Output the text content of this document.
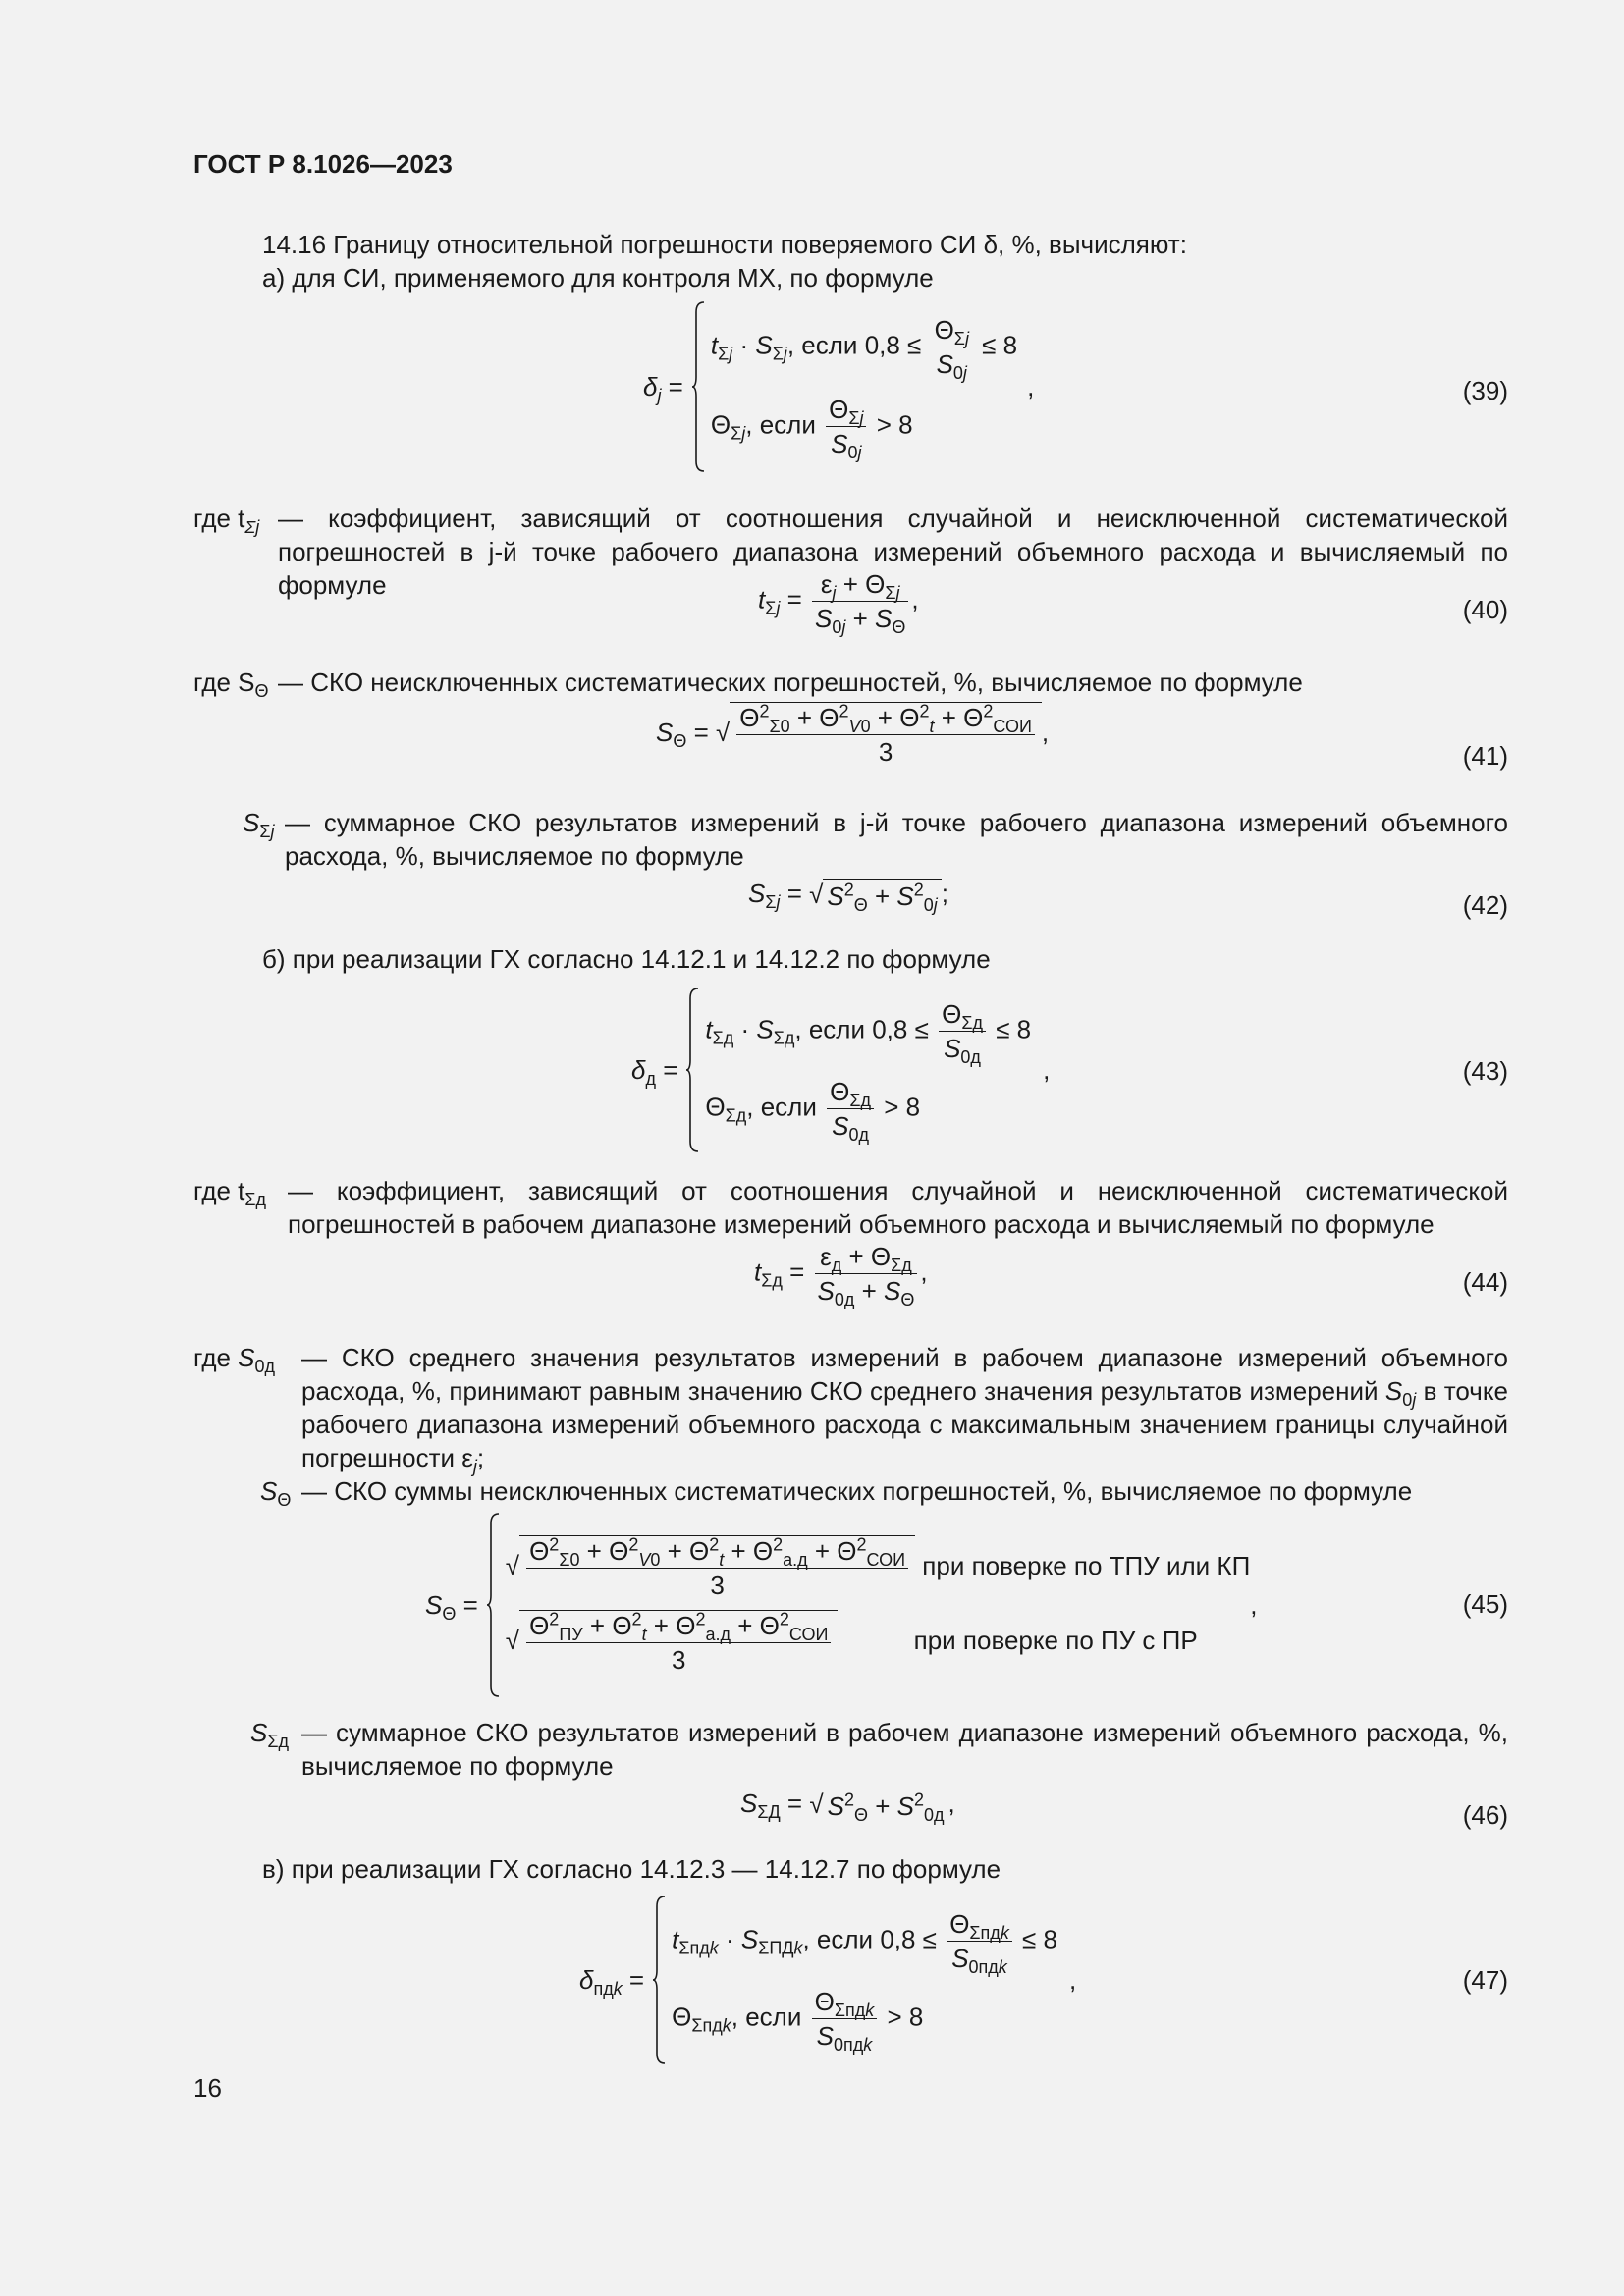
ГОСТ Р 8.1026—2023
14.16 Границу относительной погрешности поверяемого СИ δ, %, вычисляют:
а) для СИ, применяемого для контроля МХ, по формуле
$\delta_j$ =
$t_{\Sigma j} \cdot S_{\Sigma j}$, если $0,8 \le \frac{\Theta_{\Sigma j}}{S_{0j}} \le 8$
$\Theta_{\Sigma j}$, если $\frac{\Theta_{\Sigma j}}{S_{0j}} > 8$
,	(39)
где $t_{\Sigma j}$ — коэффициент, зависящий от соотношения случайной и неисключенной систематической погрешностей в j-й точке рабочего диапазона измерений объемного расхода и вычисляемый по формуле	$t_{\Sigma j} = \frac{\varepsilon_j + \Theta_{\Sigma j}}{S_{0j} + S_\Theta}$ ,	(40)
где $S_\Theta$ — СКО неисключенных систематических погрешностей, %, вычисляемое по формуле
$S_\Theta$ = √ $\frac{\Theta^2_{\Sigma 0} + \Theta^2_{V0} + \Theta^2_t + \Theta^2_{СОИ}}{3}$ ,
(41)
$S_{\Sigma j}$ — суммарное СКО результатов измерений в j-й точке рабочего диапазона измерений объемного расхода, %, вычисляемое по формуле
$S_{\Sigma j}$ = √ $S^2_\Theta + S^2_{0j}$ ;	(42)
б) при реализации ГХ согласно 14.12.1 и 14.12.2 по формуле
$\delta_д$ =
$t_{\Sigma д} \cdot S_{\Sigma д}$, если $0,8 \le \frac{\Theta_{\Sigma д}}{S_{0д}} \le 8$
$\Theta_{\Sigma д}$, если $\frac{\Theta_{\Sigma д}}{S_{0д}} > 8$
,	(43)
где $t_{\Sigma д}$ — коэффициент, зависящий от соотношения случайной и неисключенной систематической погрешностей в рабочем диапазоне измерений объемного расхода и вычисляемый по формуле
$t_{\Sigma д} = \frac{\varepsilon_д + \Theta_{\Sigma д}}{S_{0д} + S_\Theta}$ ,	(44)
где $S_{0д}$ — СКО среднего значения результатов измерений в рабочем диапазоне измерений объемного расхода, %, принимают равным значению СКО среднего значения результатов измерений $S_{0j}$ в точке рабочего диапазона измерений объемного расхода с максимальным значением границы случайной погрешности $\varepsilon_j$;
$S_\Theta$ — СКО суммы неисключенных систематических погрешностей, %, вычисляемое по формуле
$S_\Theta$ =
√ $\frac{\Theta^2_{\Sigma 0} + \Theta^2_{V0} + \Theta^2_t + \Theta^2_{а.д} + \Theta^2_{СОИ}}{3}$ при поверке по ТПУ или КП
√ $\frac{\Theta^2_{ПУ} + \Theta^2_t + \Theta^2_{а.д} + \Theta^2_{СОИ}}{3}$	при поверке по ПУ с ПР
,	(45)
$S_{\Sigma д}$ — суммарное СКО результатов измерений в рабочем диапазоне измерений объемного расхода, %, вычисляемое по формуле
$S_{\Sigma Д}$ = √ $S^2_\Theta + S^2_{0д}$ ,	(46)
в) при реализации ГХ согласно 14.12.3 — 14.12.7 по формуле
$\delta_{пдk}$ =
$t_{\Sigma пдk} \cdot S_{\Sigma ПДk}$, если $0,8 \le \frac{\Theta_{\Sigma пдk}}{S_{0пдk}} \le 8$
$\Theta_{\Sigma пдk}$, если $\frac{\Theta_{\Sigma пдk}}{S_{0пдk}} > 8$
,	(47)
16
